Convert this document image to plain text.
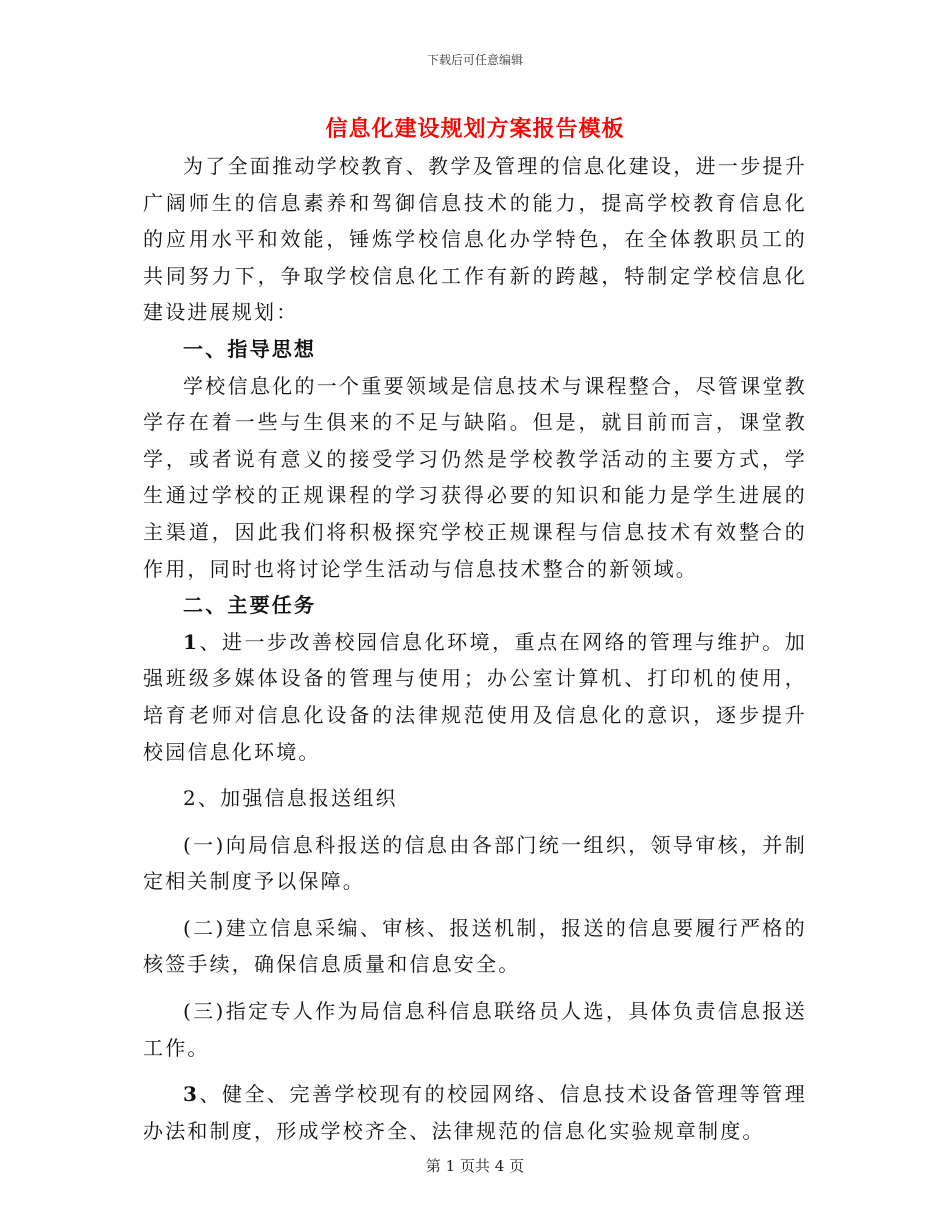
下载后可任意编辑
信息化建设规划方案报告模板

为了全面推动学校教育、教学及管理的信息化建设，进一步提升广阔师生的信息素养和驾御信息技术的能力，提高学校教育信息化的应用水平和效能，锤炼学校信息化办学特色，在全体教职员工的共同努力下，争取学校信息化工作有新的跨越，特制定学校信息化建设进展规划：

一、指导思想

学校信息化的一个重要领域是信息技术与课程整合，尽管课堂教学存在着一些与生俱来的不足与缺陷。但是，就目前而言，课堂教学，或者说有意义的接受学习仍然是学校教学活动的主要方式，学生通过学校的正规课程的学习获得必要的知识和能力是学生进展的主渠道，因此我们将积极探究学校正规课程与信息技术有效整合的作用，同时也将讨论学生活动与信息技术整合的新领域。

二、主要任务

1、进一步改善校园信息化环境，重点在网络的管理与维护。加强班级多媒体设备的管理与使用；办公室计算机、打印机的使用，培育老师对信息化设备的法律规范使用及信息化的意识，逐步提升校园信息化环境。

2、加强信息报送组织

(一)向局信息科报送的信息由各部门统一组织，领导审核，并制定相关制度予以保障。

(二)建立信息采编、审核、报送机制，报送的信息要履行严格的核签手续，确保信息质量和信息安全。

(三)指定专人作为局信息科信息联络员人选，具体负责信息报送工作。

3、健全、完善学校现有的校园网络、信息技术设备管理等管理办法和制度，形成学校齐全、法律规范的信息化实验规章制度。

第 1 页共 4 页
